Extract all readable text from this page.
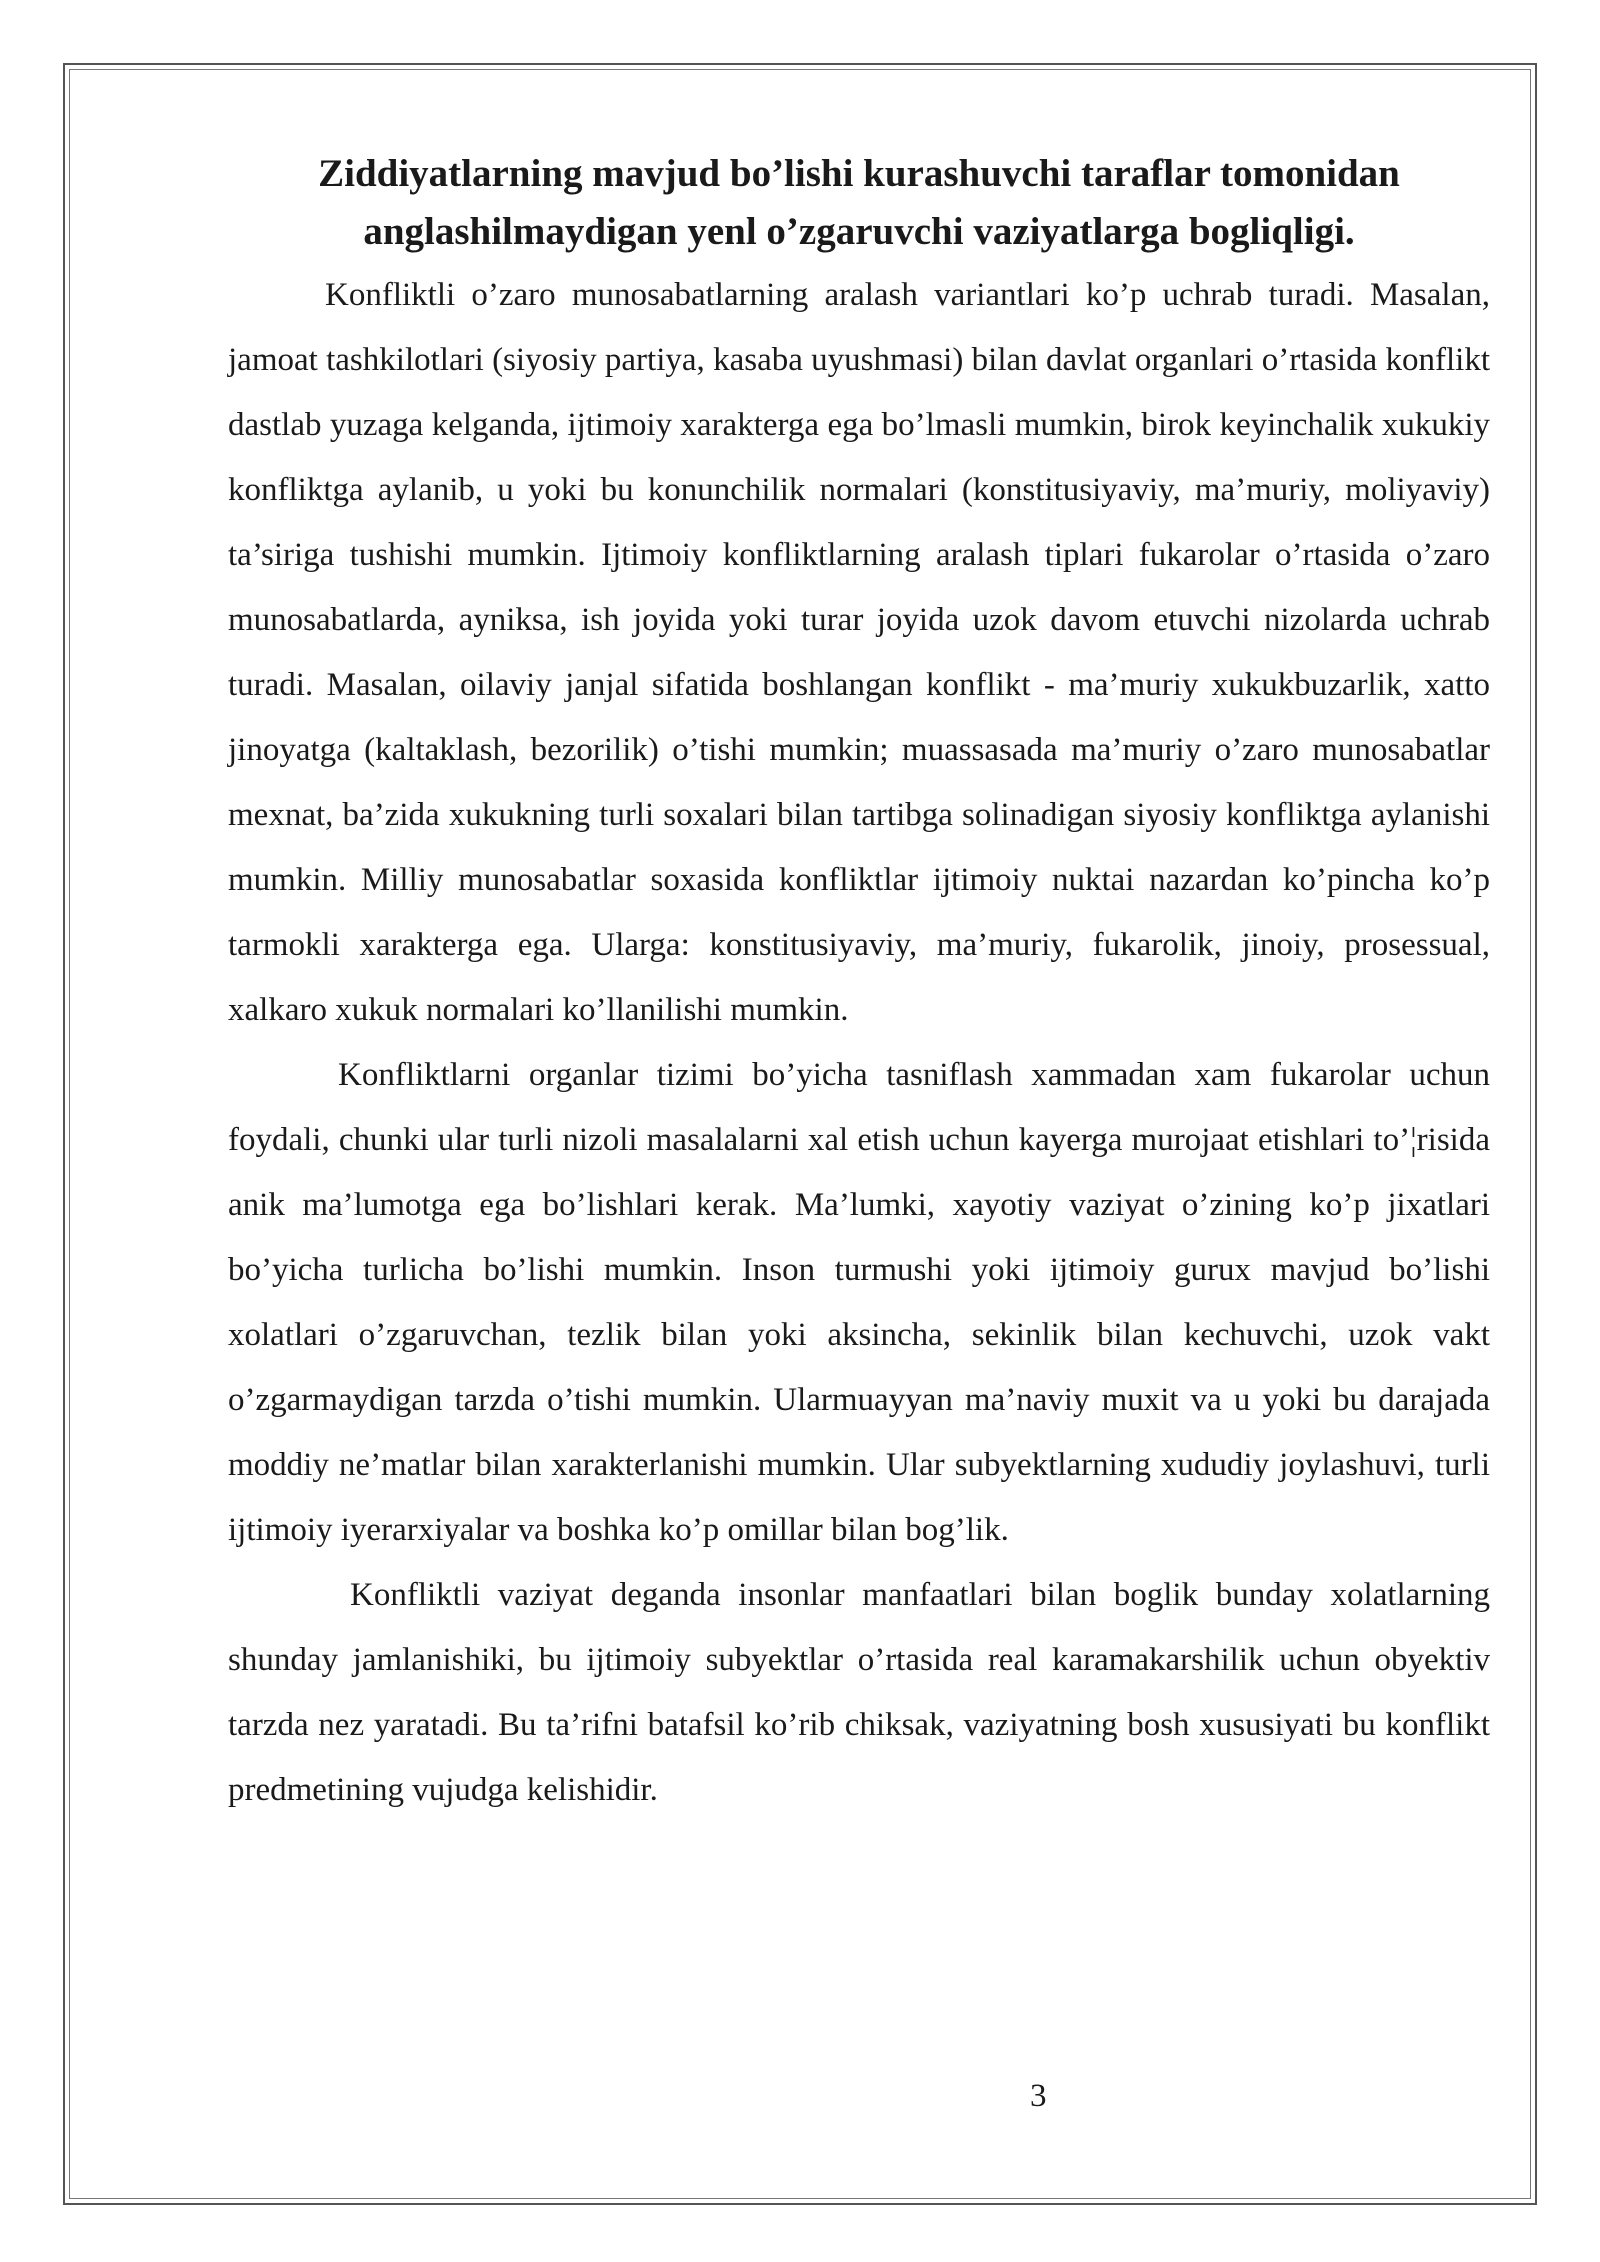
Ziddiyatlarning mavjud bo’lishi kurashuvchi taraflar tomonidan
anglashilmaydigan yenl o’zgaruvchi vaziyatlarga bogliqligi.

Konfliktli o’zaro munosabatlarning aralash variantlari ko’p uchrab turadi. Masalan, jamoat tashkilotlari (siyosiy partiya, kasaba uyushmasi) bilan davlat organlari o’rtasida konflikt dastlab yuzaga kelganda, ijtimoiy xarakterga ega bo’lmasli mumkin, birok keyinchalik xukukiy konfliktga aylanib, u yoki bu konunchilik normalari (konstitusiyaviy, ma’muriy, moliyaviy) ta’siriga tushishi mumkin. Ijtimoiy konfliktlarning aralash tiplari fukarolar o’rtasida o’zaro munosabatlarda, ayniksa, ish joyida yoki turar joyida uzok davom etuvchi nizolarda uchrab turadi. Masalan, oilaviy janjal sifatida boshlangan konflikt - ma’muriy xukukbuzarlik, xatto jinoyatga (kaltaklash, bezorilik) o’tishi mumkin; muassasada ma’muriy o’zaro munosabatlar mexnat, ba’zida xukukning turli soxalari bilan tartibga solinadigan siyosiy konfliktga aylanishi mumkin. Milliy munosabatlar soxasida konfliktlar ijtimoiy nuktai nazardan ko’pincha ko’p tarmokli xarakterga ega. Ularga: konstitusiyaviy, ma’muriy, fukarolik, jinoiy, prosessual, xalkaro xukuk normalari ko’llanilishi mumkin.

Konfliktlarni organlar tizimi bo’yicha tasniflash xammadan xam fukarolar uchun foydali, chunki ular turli nizoli masalalarni xal etish uchun kayerga murojaat etishlari to’¦risida anik ma’lumotga ega bo’lishlari kerak. Ma’lumki, xayotiy vaziyat o’zining ko’p jixatlari bo’yicha turlicha bo’lishi mumkin. Inson turmushi yoki ijtimoiy gurux mavjud bo’lishi xolatlari o’zgaruvchan, tezlik bilan yoki aksincha, sekinlik bilan kechuvchi, uzok vakt o’zgarmaydigan tarzda o’tishi mumkin. Ularmuayyan ma’naviy muxit va u yoki bu darajada moddiy ne’matlar bilan xarakterlanishi mumkin. Ular subyektlarning xududiy joylashuvi, turli ijtimoiy iyerarxiyalar va boshka ko’p omillar bilan bog’lik.

Konfliktli vaziyat deganda insonlar manfaatlari bilan boglik bunday xolatlarning shunday jamlanishiki, bu ijtimoiy subyektlar o’rtasida real karamakarshilik uchun obyektiv tarzda nez yaratadi. Bu ta’rifni batafsil ko’rib chiksak, vaziyatning bosh xususiyati bu konflikt predmetining vujudga kelishidir.

3
